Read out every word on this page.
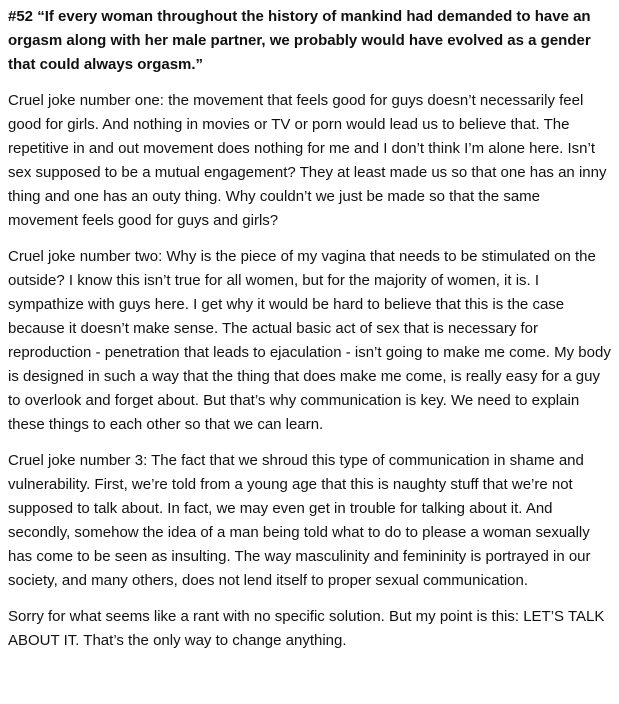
#52 “If every woman throughout the history of mankind had demanded to have an orgasm along with her male partner, we probably would have evolved as a gender that could always orgasm.”

Cruel joke number one: the movement that feels good for guys doesn’t necessarily feel good for girls. And nothing in movies or TV or porn would lead us to believe that. The repetitive in and out movement does nothing for me and I don’t think I’m alone here. Isn’t sex supposed to be a mutual engagement? They at least made us so that one has an inny thing and one has an outy thing. Why couldn’t we just be made so that the same movement feels good for guys and girls?

Cruel joke number two: Why is the piece of my vagina that needs to be stimulated on the outside? I know this isn’t true for all women, but for the majority of women, it is. I sympathize with guys here. I get why it would be hard to believe that this is the case because it doesn’t make sense. The actual basic act of sex that is necessary for reproduction - penetration that leads to ejaculation - isn’t going to make me come. My body is designed in such a way that the thing that does make me come, is really easy for a guy to overlook and forget about. But that’s why communication is key. We need to explain these things to each other so that we can learn.

Cruel joke number 3: The fact that we shroud this type of communication in shame and vulnerability. First, we’re told from a young age that this is naughty stuff that we’re not supposed to talk about. In fact, we may even get in trouble for talking about it. And secondly, somehow the idea of a man being told what to do to please a woman sexually has come to be seen as insulting. The way masculinity and femininity is portrayed in our society, and many others, does not lend itself to proper sexual communication.

Sorry for what seems like a rant with no specific solution. But my point is this: LET’S TALK ABOUT IT. That’s the only way to change anything.
